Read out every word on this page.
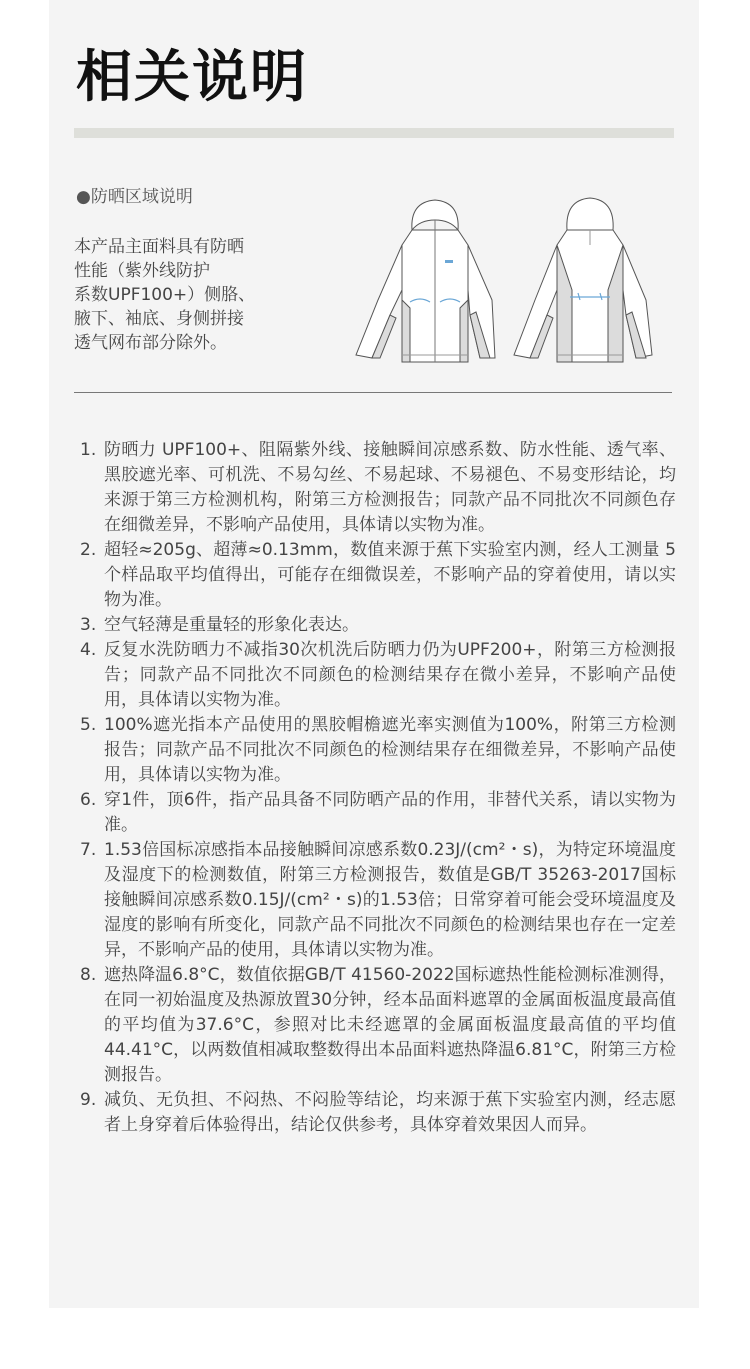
相关说明

●防晒区域说明

本产品主面料具有防晒
性能（紫外线防护
系数UPF100+）侧胳、
腋下、袖底、身侧拼接
透气网布部分除外。

1. 防晒力 UPF100+、阻隔紫外线、接触瞬间凉感系数、防水性能、透气率、黑胶遮光率、可机洗、不易勾丝、不易起球、不易褪色、不易变形结论，均来源于第三方检测机构，附第三方检测报告；同款产品不同批次不同颜色存在细微差异，不影响产品使用，具体请以实物为准。
2. 超轻≈205g、超薄≈0.13mm，数值来源于蕉下实验室内测，经人工测量 5 个样品取平均值得出，可能存在细微误差，不影响产品的穿着使用，请以实物为准。
3. 空气轻薄是重量轻的形象化表达。
4. 反复水洗防晒力不减指30次机洗后防晒力仍为UPF200+，附第三方检测报告；同款产品不同批次不同颜色的检测结果存在微小差异，不影响产品使用，具体请以实物为准。
5. 100%遮光指本产品使用的黑胶帽檐遮光率实测值为100%，附第三方检测报告；同款产品不同批次不同颜色的检测结果存在细微差异，不影响产品使用，具体请以实物为准。
6. 穿1件，顶6件，指产品具备不同防晒产品的作用，非替代关系，请以实物为准。
7. 1.53倍国标凉感指本品接触瞬间凉感系数0.23J/(cm²・s)，为特定环境温度及湿度下的检测数值，附第三方检测报告，数值是GB/T 35263-2017国标接触瞬间凉感系数0.15J/(cm²・s)的1.53倍；日常穿着可能会受环境温度及湿度的影响有所变化，同款产品不同批次不同颜色的检测结果也存在一定差异，不影响产品的使用，具体请以实物为准。
8. 遮热降温6.8°C，数值依据GB/T 41560-2022国标遮热性能检测标准测得，在同一初始温度及热源放置30分钟，经本品面料遮罩的金属面板温度最高值的平均值为37.6°C，参照对比未经遮罩的金属面板温度最高值的平均值44.41°C，以两数值相减取整数得出本品面料遮热降温6.81°C，附第三方检测报告。
9. 减负、无负担、不闷热、不闷脸等结论，均来源于蕉下实验室内测，经志愿者上身穿着后体验得出，结论仅供参考，具体穿着效果因人而异。
